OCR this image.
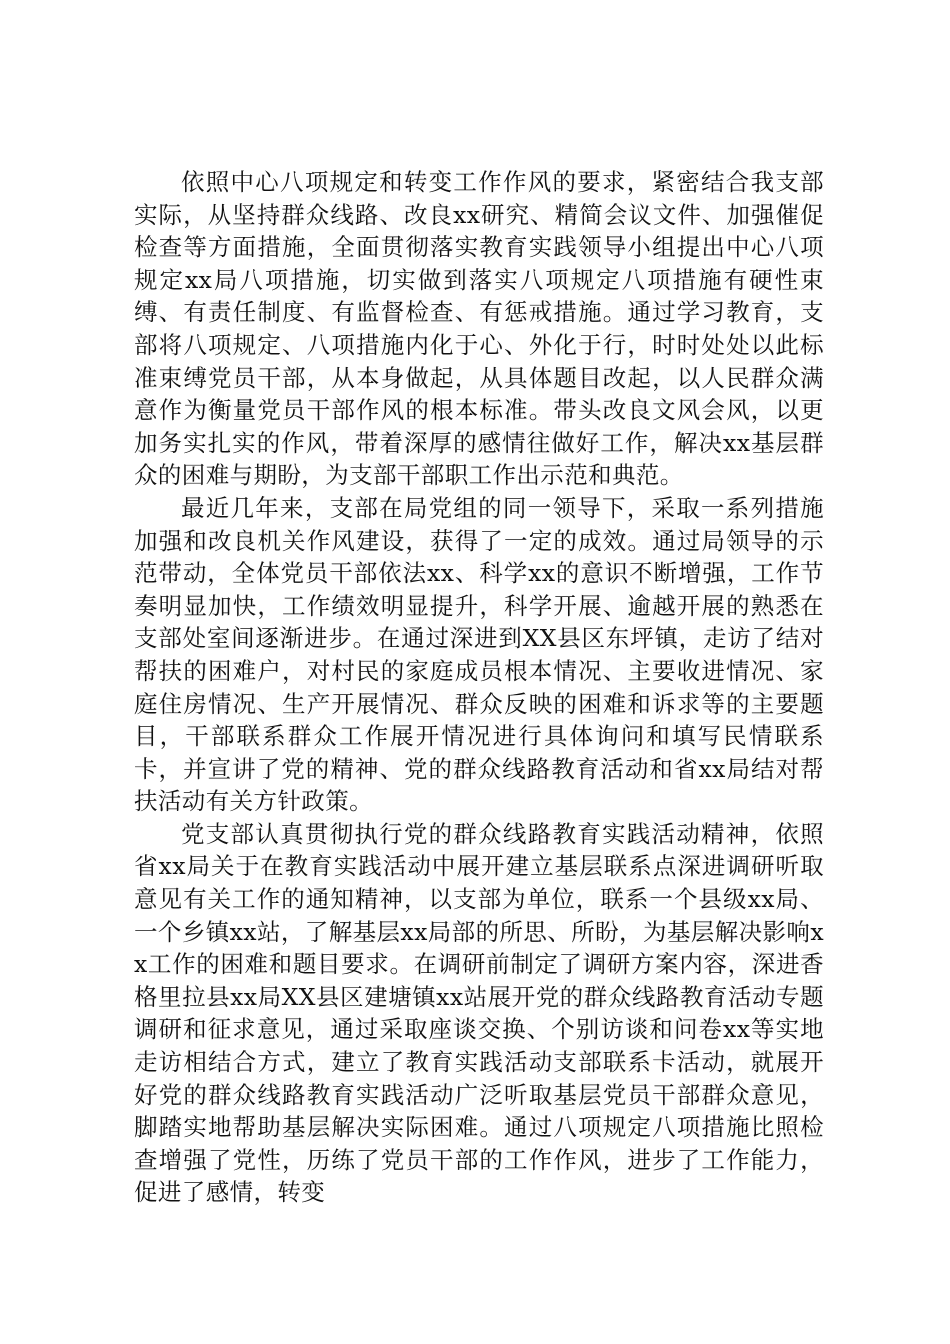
依照中心八项规定和转变工作作风的要求，紧密结合我支部实际，从坚持群众线路、改良xx研究、精简会议文件、加强催促检查等方面措施，全面贯彻落实教育实践领导小组提出中心八项规定xx局八项措施，切实做到落实八项规定八项措施有硬性束缚、有责任制度、有监督检查、有惩戒措施。通过学习教育，支部将八项规定、八项措施内化于心、外化于行，时时处处以此标准束缚党员干部，从本身做起，从具体题目改起，以人民群众满意作为衡量党员干部作风的根本标准。带头改良文风会风，以更加务实扎实的作风，带着深厚的感情往做好工作，解决xx基层群众的困难与期盼，为支部干部职工作出示范和典范。

最近几年来，支部在局党组的同一领导下，采取一系列措施加强和改良机关作风建设，获得了一定的成效。通过局领导的示范带动，全体党员干部依法xx、科学xx的意识不断增强，工作节奏明显加快，工作绩效明显提升，科学开展、逾越开展的熟悉在支部处室间逐渐进步。在通过深进到XX县区东坪镇，走访了结对帮扶的困难户，对村民的家庭成员根本情况、主要收进情况、家庭住房情况、生产开展情况、群众反映的困难和诉求等的主要题目，干部联系群众工作展开情况进行具体询问和填写民情联系卡，并宣讲了党的精神、党的群众线路教育活动和省xx局结对帮扶活动有关方针政策。

党支部认真贯彻执行党的群众线路教育实践活动精神，依照省xx局关于在教育实践活动中展开建立基层联系点深进调研听取意见有关工作的通知精神，以支部为单位，联系一个县级xx局、一个乡镇xx站，了解基层xx局部的所思、所盼，为基层解决影响xx工作的困难和题目要求。在调研前制定了调研方案内容，深进香格里拉县xx局XX县区建塘镇xx站展开党的群众线路教育活动专题调研和征求意见，通过采取座谈交换、个别访谈和问卷xx等实地走访相结合方式，建立了教育实践活动支部联系卡活动，就展开好党的群众线路教育实践活动广泛听取基层党员干部群众意见，脚踏实地帮助基层解决实际困难。通过八项规定八项措施比照检查增强了党性，历练了党员干部的工作作风，进步了工作能力，促进了感情，转变
